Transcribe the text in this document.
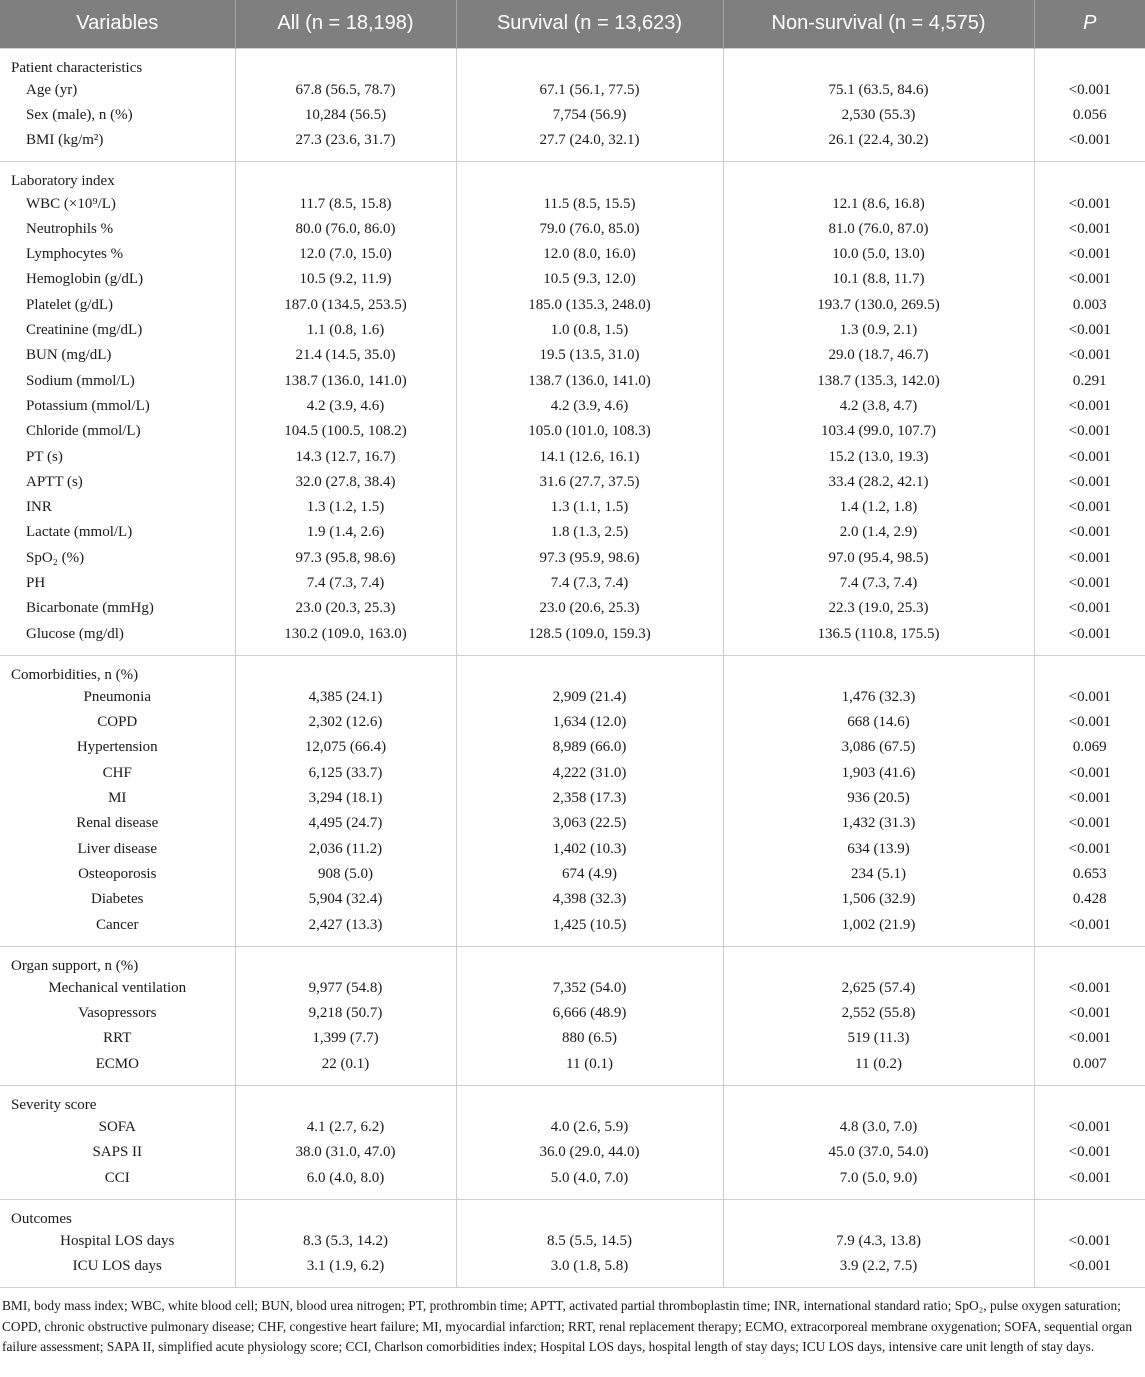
Variables	All (n = 18,198)	Survival (n = 13,623)	Non-survival (n = 4,575)	P
Patient characteristics				
Age (yr)	67.8 (56.5, 78.7)	67.1 (56.1, 77.5)	75.1 (63.5, 84.6)	<0.001
Sex (male), n (%)	10,284 (56.5)	7,754 (56.9)	2,530 (55.3)	0.056
BMI (kg/m²)	27.3 (23.6, 31.7)	27.7 (24.0, 32.1)	26.1 (22.4, 30.2)	<0.001

Laboratory index				
WBC (×10⁹/L)	11.7 (8.5, 15.8)	11.5 (8.5, 15.5)	12.1 (8.6, 16.8)	<0.001
Neutrophils %	80.0 (76.0, 86.0)	79.0 (76.0, 85.0)	81.0 (76.0, 87.0)	<0.001
Lymphocytes %	12.0 (7.0, 15.0)	12.0 (8.0, 16.0)	10.0 (5.0, 13.0)	<0.001
Hemoglobin (g/dL)	10.5 (9.2, 11.9)	10.5 (9.3, 12.0)	10.1 (8.8, 11.7)	<0.001
Platelet (g/dL)	187.0 (134.5, 253.5)	185.0 (135.3, 248.0)	193.7 (130.0, 269.5)	0.003
Creatinine (mg/dL)	1.1 (0.8, 1.6)	1.0 (0.8, 1.5)	1.3 (0.9, 2.1)	<0.001
BUN (mg/dL)	21.4 (14.5, 35.0)	19.5 (13.5, 31.0)	29.0 (18.7, 46.7)	<0.001
Sodium (mmol/L)	138.7 (136.0, 141.0)	138.7 (136.0, 141.0)	138.7 (135.3, 142.0)	0.291
Potassium (mmol/L)	4.2 (3.9, 4.6)	4.2 (3.9, 4.6)	4.2 (3.8, 4.7)	<0.001
Chloride (mmol/L)	104.5 (100.5, 108.2)	105.0 (101.0, 108.3)	103.4 (99.0, 107.7)	<0.001
PT (s)	14.3 (12.7, 16.7)	14.1 (12.6, 16.1)	15.2 (13.0, 19.3)	<0.001
APTT (s)	32.0 (27.8, 38.4)	31.6 (27.7, 37.5)	33.4 (28.2, 42.1)	<0.001
INR	1.3 (1.2, 1.5)	1.3 (1.1, 1.5)	1.4 (1.2, 1.8)	<0.001
Lactate (mmol/L)	1.9 (1.4, 2.6)	1.8 (1.3, 2.5)	2.0 (1.4, 2.9)	<0.001
SpO₂ (%)	97.3 (95.8, 98.6)	97.3 (95.9, 98.6)	97.0 (95.4, 98.5)	<0.001
PH	7.4 (7.3, 7.4)	7.4 (7.3, 7.4)	7.4 (7.3, 7.4)	<0.001
Bicarbonate (mmHg)	23.0 (20.3, 25.3)	23.0 (20.6, 25.3)	22.3 (19.0, 25.3)	<0.001
Glucose (mg/dl)	130.2 (109.0, 163.0)	128.5 (109.0, 159.3)	136.5 (110.8, 175.5)	<0.001

Comorbidities, n (%)				
Pneumonia	4,385 (24.1)	2,909 (21.4)	1,476 (32.3)	<0.001
COPD	2,302 (12.6)	1,634 (12.0)	668 (14.6)	<0.001
Hypertension	12,075 (66.4)	8,989 (66.0)	3,086 (67.5)	0.069
CHF	6,125 (33.7)	4,222 (31.0)	1,903 (41.6)	<0.001
MI	3,294 (18.1)	2,358 (17.3)	936 (20.5)	<0.001
Renal disease	4,495 (24.7)	3,063 (22.5)	1,432 (31.3)	<0.001
Liver disease	2,036 (11.2)	1,402 (10.3)	634 (13.9)	<0.001
Osteoporosis	908 (5.0)	674 (4.9)	234 (5.1)	0.653
Diabetes	5,904 (32.4)	4,398 (32.3)	1,506 (32.9)	0.428
Cancer	2,427 (13.3)	1,425 (10.5)	1,002 (21.9)	<0.001

Organ support, n (%)				
Mechanical ventilation	9,977 (54.8)	7,352 (54.0)	2,625 (57.4)	<0.001
Vasopressors	9,218 (50.7)	6,666 (48.9)	2,552 (55.8)	<0.001
RRT	1,399 (7.7)	880 (6.5)	519 (11.3)	<0.001
ECMO	22 (0.1)	11 (0.1)	11 (0.2)	0.007

Severity score				
SOFA	4.1 (2.7, 6.2)	4.0 (2.6, 5.9)	4.8 (3.0, 7.0)	<0.001
SAPS II	38.0 (31.0, 47.0)	36.0 (29.0, 44.0)	45.0 (37.0, 54.0)	<0.001
CCI	6.0 (4.0, 8.0)	5.0 (4.0, 7.0)	7.0 (5.0, 9.0)	<0.001

Outcomes				
Hospital LOS days	8.3 (5.3, 14.2)	8.5 (5.5, 14.5)	7.9 (4.3, 13.8)	<0.001
ICU LOS days	3.1 (1.9, 6.2)	3.0 (1.8, 5.8)	3.9 (2.2, 7.5)	<0.001

BMI, body mass index; WBC, white blood cell; BUN, blood urea nitrogen; PT, prothrombin time; APTT, activated partial thromboplastin time; INR, international standard ratio; SpO₂, pulse oxygen saturation; COPD, chronic obstructive pulmonary disease; CHF, congestive heart failure; MI, myocardial infarction; RRT, renal replacement therapy; ECMO, extracorporeal membrane oxygenation; SOFA, sequential organ failure assessment; SAPA II, simplified acute physiology score; CCI, Charlson comorbidities index; Hospital LOS days, hospital length of stay days; ICU LOS days, intensive care unit length of stay days.
